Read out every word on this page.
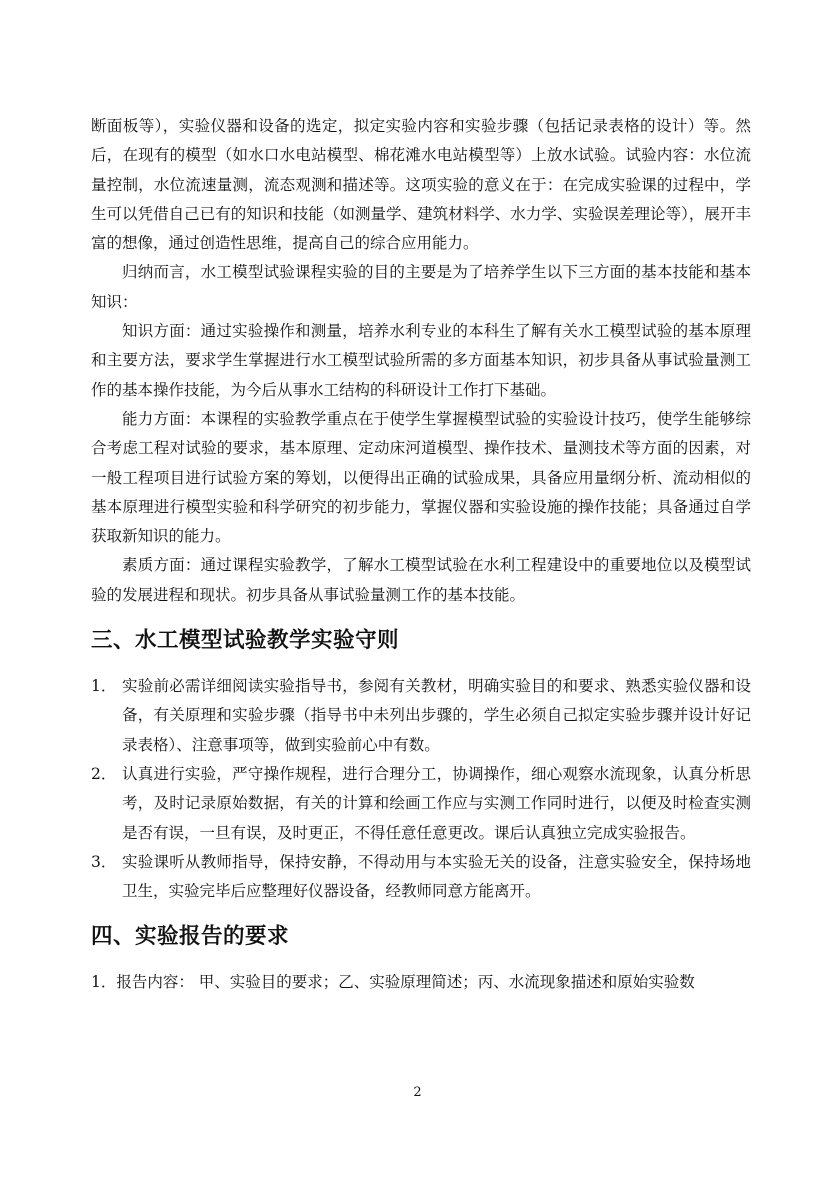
断面板等），实验仪器和设备的选定，拟定实验内容和实验步骤（包括记录表格的设计）等。然后，在现有的模型（如水口水电站模型、棉花滩水电站模型等）上放水试验。试验内容：水位流量控制，水位流速量测，流态观测和描述等。这项实验的意义在于：在完成实验课的过程中，学生可以凭借自己已有的知识和技能（如测量学、建筑材料学、水力学、实验误差理论等），展开丰富的想像，通过创造性思维，提高自己的综合应用能力。

归纳而言，水工模型试验课程实验的目的主要是为了培养学生以下三方面的基本技能和基本知识：

知识方面：通过实验操作和测量，培养水利专业的本科生了解有关水工模型试验的基本原理和主要方法，要求学生掌握进行水工模型试验所需的多方面基本知识，初步具备从事试验量测工作的基本操作技能，为今后从事水工结构的科研设计工作打下基础。

能力方面：本课程的实验教学重点在于使学生掌握模型试验的实验设计技巧，使学生能够综合考虑工程对试验的要求，基本原理、定动床河道模型、操作技术、量测技术等方面的因素，对一般工程项目进行试验方案的筹划，以便得出正确的试验成果，具备应用量纲分析、流动相似的基本原理进行模型实验和科学研究的初步能力，掌握仪器和实验设施的操作技能；具备通过自学获取新知识的能力。

素质方面：通过课程实验教学，了解水工模型试验在水利工程建设中的重要地位以及模型试验的发展进程和现状。初步具备从事试验量测工作的基本技能。

三、水工模型试验教学实验守则
1． 实验前必需详细阅读实验指导书，参阅有关教材，明确实验目的和要求、熟悉实验仪器和设备，有关原理和实验步骤（指导书中未列出步骤的，学生必须自己拟定实验步骤并设计好记录表格）、注意事项等，做到实验前心中有数。
2． 认真进行实验，严守操作规程，进行合理分工，协调操作，细心观察水流现象，认真分析思考，及时记录原始数据，有关的计算和绘画工作应与实测工作同时进行，以便及时检查实测是否有误，一旦有误，及时更正，不得任意任意更改。课后认真独立完成实验报告。
3． 实验课听从教师指导，保持安静，不得动用与本实验无关的设备，注意实验安全，保持场地卫生，实验完毕后应整理好仪器设备，经教师同意方能离开。
四、实验报告的要求
1．报告内容： 甲、实验目的要求；乙、实验原理简述；丙、水流现象描述和原始实验数
2
